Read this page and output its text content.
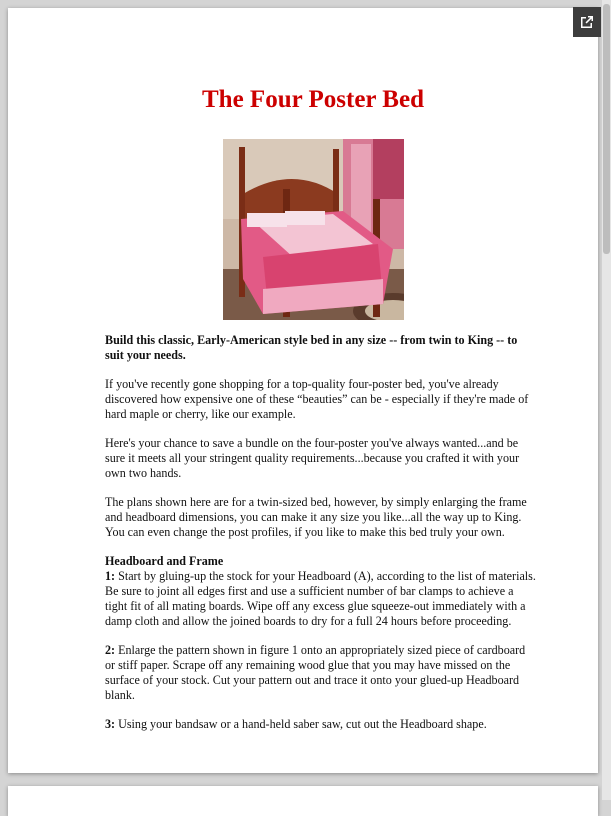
The Four Poster Bed

Build this classic, Early-American style bed in any size -- from twin to King -- to suit your needs.

If you've recently gone shopping for a top-quality four-poster bed, you've already discovered how expensive one of these “beauties” can be - especially if they're made of hard maple or cherry, like our example.

Here's your chance to save a bundle on the four-poster you've always wanted...and be sure it meets all your stringent quality requirements...because you crafted it with your own two hands.

The plans shown here are for a twin-sized bed, however, by simply enlarging the frame and headboard dimensions, you can make it any size you like...all the way up to King. You can even change the post profiles, if you like to make this bed truly your own.

Headboard and Frame
1: Start by gluing-up the stock for your Headboard (A), according to the list of materials. Be sure to joint all edges first and use a sufficient number of bar clamps to achieve a tight fit of all mating boards. Wipe off any excess glue squeeze-out immediately with a damp cloth and allow the joined boards to dry for a full 24 hours before proceeding.

2: Enlarge the pattern shown in figure 1 onto an appropriately sized piece of cardboard or stiff paper. Scrape off any remaining wood glue that you may have missed on the surface of your stock. Cut your pattern out and trace it onto your glued-up Headboard blank.

3: Using your bandsaw or a hand-held saber saw, cut out the Headboard shape.
